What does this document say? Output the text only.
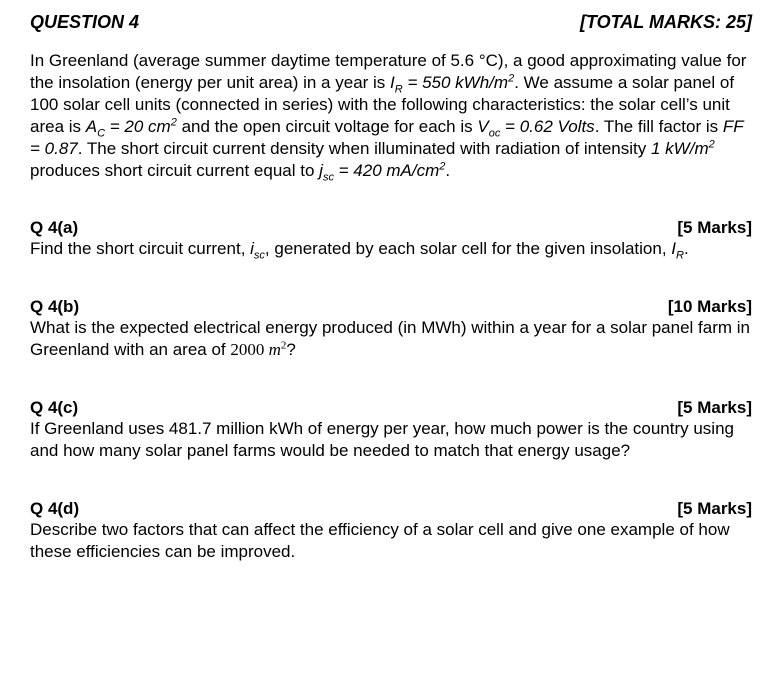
QUESTION 4	[TOTAL MARKS: 25]

In Greenland (average summer daytime temperature of 5.6 °C), a good approximating value for the insolation (energy per unit area) in a year is $I_R = 550$ kWh/$m^2$. We assume a solar panel of 100 solar cell units (connected in series) with the following characteristics: the solar cell’s unit area is $A_C = 20$ $cm^2$ and the open circuit voltage for each is $V_{oc} = 0.62$ Volts. The fill factor is FF = 0.87. The short circuit current density when illuminated with radiation of intensity 1 $kW/m^2$ produces short circuit current equal to $j_{sc} = 420$ $mA/cm^2$.

Q 4(a)	[5 Marks]
Find the short circuit current, $i_{sc}$, generated by each solar cell for the given insolation, $I_R$.
Q 4(b)	[10 Marks]
What is the expected electrical energy produced (in MWh) within a year for a solar panel farm in Greenland with an area of 2000 $m^2$?
Q 4(c)	[5 Marks]
If Greenland uses 481.7 million kWh of energy per year, how much power is the country using and how many solar panel farms would be needed to match that energy usage?
Q 4(d)	[5 Marks]
Describe two factors that can affect the efficiency of a solar cell and give one example of how these efficiencies can be improved.
